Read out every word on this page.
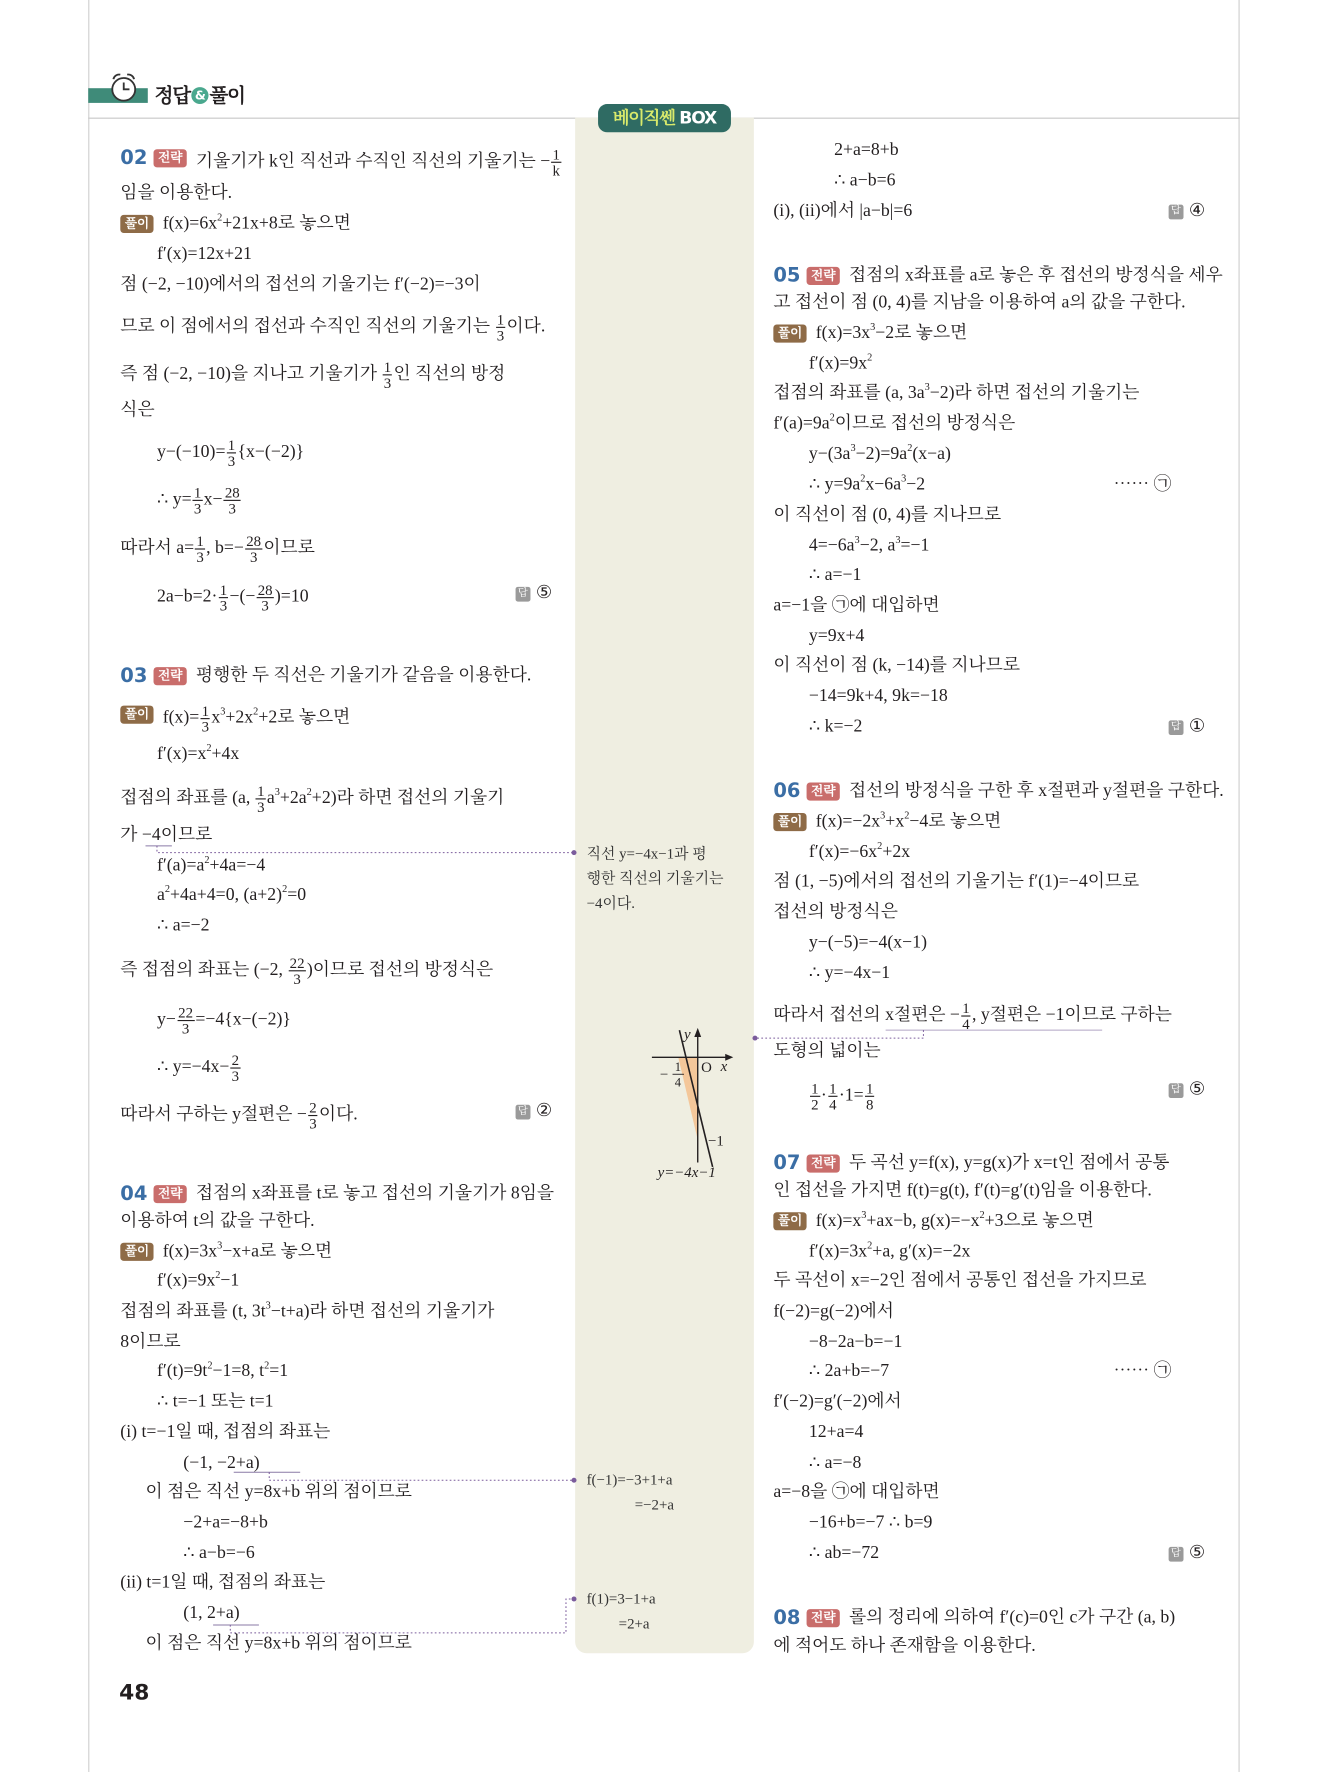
정답 & 풀이
베이직쎈 BOX
02 전략 기울기가 k인 직선과 수직인 직선의 기울기는 − $\frac{1}{k}$
임을 이용한다.
풀이 $f(x)=6x^2+21x+8$로 놓으면
f′(x)=12x+21
점 (−2, −10)에서의 접선의 기울기는 f′(−2)=−3이
므로 이 점에서의 접선과 수직인 직선의 기울기는 $\frac{1}{3}$ 이다.
즉 점 (−2, −10)을 지나고 기울기가 $\frac{1}{3}$ 인 직선의 방정
식은
$y-(-10)= \frac{1}{3} \{x-(-2)\}$
∴ $y= \frac{1}{3} x- \frac{28}{3}$
따라서 $a= \frac{1}{3}$ , $b=- \frac{28}{3}$ 이므로
$2a-b=2\cdot \frac{1}{3}$ −(− $\frac{28}{3} )=10$	답 ⑤
03 전략 평행한 두 직선은 기울기가 같음을 이용한다.
풀이 $f(x)= \frac{1}{3} x^3+2x^2+2$로 놓으면
$f'(x)=x^2+4x$
접점의 좌표를 (a, $\frac{1}{3} a^3+2a^2+2$)라 하면 접선의 기울기
가 −4이므로
$f'(a)=a^2+4a=-4$
$a^2+4a+4=0$, $(a+2)^2=0$
∴ a=−2
즉 접점의 좌표는 (−2, $\frac{22}{3}$ )이므로 접선의 방정식은
$y- \frac{22}{3} =-4\{x-(-2)\}$
∴ $y=-4x- \frac{2}{3}$
따라서 구하는 y절편은 − $\frac{2}{3}$ 이다.	답 ②
04 전략 접점의 x좌표를 t로 놓고 접선의 기울기가 8임을
이용하여 t의 값을 구한다.
풀이 $f(x)=3x^3-x+a$로 놓으면
$f'(x)=9x^2-1$
접점의 좌표를 (t, $3t^3-t+a$)라 하면 접선의 기울기가
8이므로
$f'(t)=9t^2-1=8$, $t^2=1$
∴ t=−1 또는 t=1
(i) t=−1일 때, 접점의 좌표는
(−1, −2+a)
이 점은 직선 y=8x+b 위의 점이므로
−2+a=−8+b
∴ a−b=−6
(ii) t=1일 때, 접점의 좌표는
(1, 2+a)
이 점은 직선 y=8x+b 위의 점이므로
2+a=8+b
∴ a−b=6
(i), (ii)에서 |a−b|=6	답 ④
05 전략 접점의 x좌표를 a로 놓은 후 접선의 방정식을 세우
고 접선이 점 (0, 4)를 지남을 이용하여 a의 값을 구한다.
풀이 $f(x)=3x^3-2$로 놓으면
$f'(x)=9x^2$
접점의 좌표를 (a, $3a^3-2$)라 하면 접선의 기울기는
$f'(a)=9a^2$이므로 접선의 방정식은
$y-(3a^3-2)=9a^2(x-a)$
∴ $y=9a^2x-6a^3-2$	⋯⋯ ㉠
이 직선이 점 (0, 4)를 지나므로
$4=-6a^3-2$, $a^3=-1$
∴ a=−1
a=−1을 ㉠에 대입하면
y=9x+4
이 직선이 점 (k, −14)를 지나므로
−14=9k+4, 9k=−18
∴ k=−2	답 ①
06 전략 접선의 방정식을 구한 후 x절편과 y절편을 구한다.
풀이 $f(x)=-2x^3+x^2-4$로 놓으면
$f'(x)=-6x^2+2x$
점 (1, −5)에서의 접선의 기울기는 f′(1)=−4이므로
접선의 방정식은
y−(−5)=−4(x−1)
∴ y=−4x−1
따라서 접선의 x절편은 − $\frac{1}{4}$ , y절편은 −1이므로 구하는
도형의 넓이는
$\frac{1}{2} \cdot \frac{1}{4} \cdot 1= \frac{1}{8}$	답 ⑤
07 전략 두 곡선 y=f(x), y=g(x)가 x=t인 점에서 공통
인 접선을 가지면 f(t)=g(t), f′(t)=g′(t)임을 이용한다.
풀이 $f(x)=x^3+ax-b$, $g(x)=-x^2+3$으로 놓으면
$f'(x)=3x^2+a$, g′(x)=−2x
두 곡선이 x=−2인 점에서 공통인 접선을 가지므로
f(−2)=g(−2)에서
−8−2a−b=−1
∴ 2a+b=−7	⋯⋯ ㉠
f′(−2)=g′(−2)에서
12+a=4
∴ a=−8
a=−8을 ㉠에 대입하면
−16+b=−7 ∴ b=9
∴ ab=−72	답 ⑤
08 전략 롤의 정리에 의하여 f′(c)=0인 c가 구간 (a, b)
에 적어도 하나 존재함을 이용한다.
직선 y=−4x−1과 평
행한 직선의 기울기는
−4이다.
f(−1)=−3+1+a
=−2+a
f(1)=3−1+a
=2+a
48
y
O x
− 1
4
−1
y=−4x−1
